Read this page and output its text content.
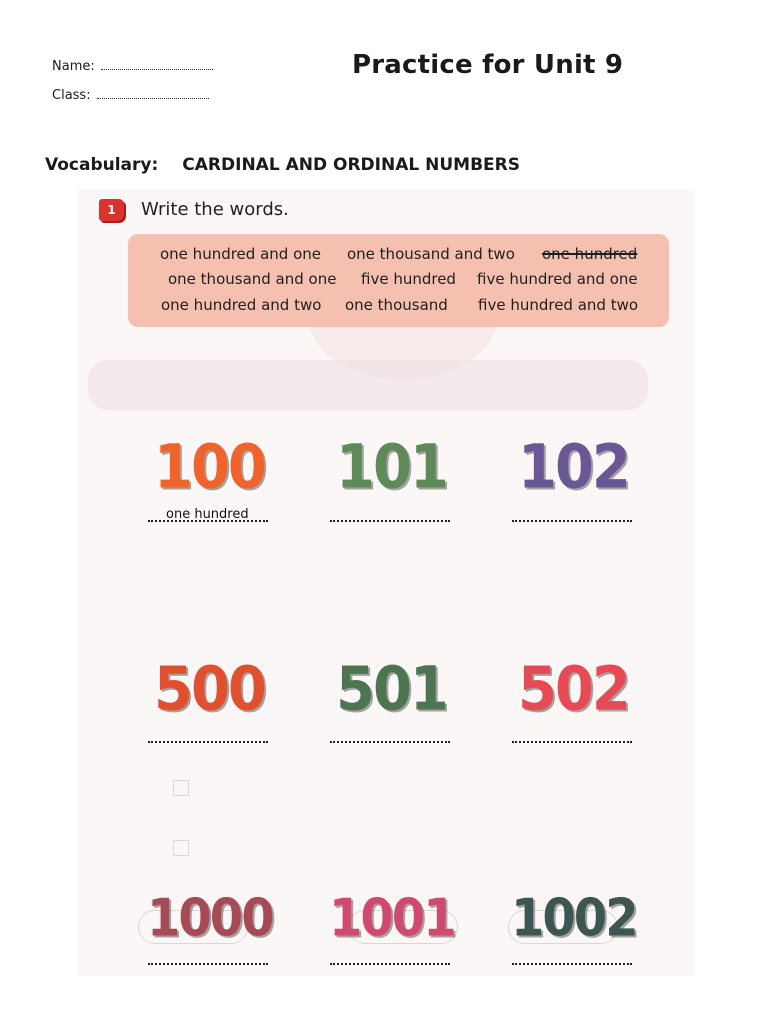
Name:
Class:
Practice for Unit 9
Vocabulary: CARDINAL AND ORDINAL NUMBERS
1	Write the words.
one hundred and one one thousand and two one hundred
one thousand and one five hundred five hundred and one
one hundred and two one thousand five hundred and two
100
one hundred
101 102
500 501 502
1000 1001 1002
